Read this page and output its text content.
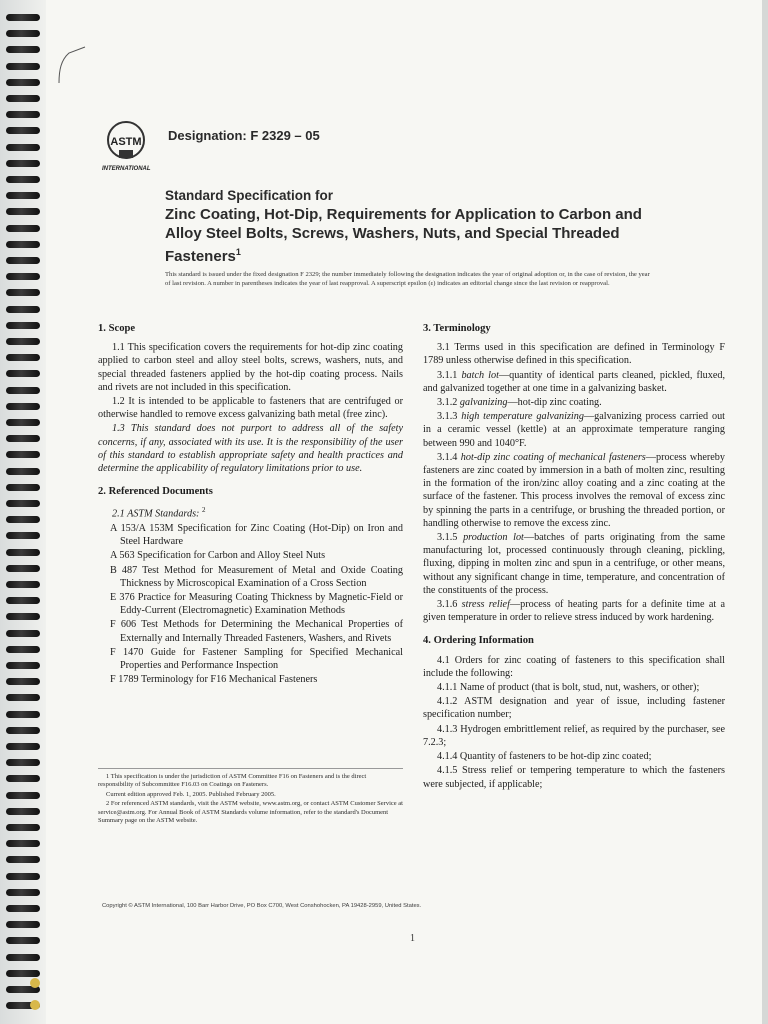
ASTM
INTERNATIONAL
Designation: F 2329 – 05
Standard Specification for
Zinc Coating, Hot-Dip, Requirements for Application to Carbon and Alloy Steel Bolts, Screws, Washers, Nuts, and Special Threaded Fasteners$^1$
This standard is issued under the fixed designation F 2329; the number immediately following the designation indicates the year of original adoption or, in the case of revision, the year of last revision. A number in parentheses indicates the year of last reapproval. A superscript epsilon (ε) indicates an editorial change since the last revision or reapproval.
1. Scope

1.1 This specification covers the requirements for hot-dip zinc coating applied to carbon steel and alloy steel bolts, screws, washers, nuts, and special threaded fasteners applied by the hot-dip coating process. Nails and rivets are not included in this specification.

1.2 It is intended to be applicable to fasteners that are centrifuged or otherwise handled to remove excess galvanizing bath metal (free zinc).

1.3 This standard does not purport to address all of the safety concerns, if any, associated with its use. It is the responsibility of the user of this standard to establish appropriate safety and health practices and determine the applicability of regulatory limitations prior to use.

2. Referenced Documents

2.1 ASTM Standards: $^2$

A 153/A 153M Specification for Zinc Coating (Hot-Dip) on Iron and Steel Hardware

A 563 Specification for Carbon and Alloy Steel Nuts

B 487 Test Method for Measurement of Metal and Oxide Coating Thickness by Microscopical Examination of a Cross Section

E 376 Practice for Measuring Coating Thickness by Magnetic-Field or Eddy-Current (Electromagnetic) Examination Methods

F 606 Test Methods for Determining the Mechanical Properties of Externally and Internally Threaded Fasteners, Washers, and Rivets

F 1470 Guide for Fastener Sampling for Specified Mechanical Properties and Performance Inspection

F 1789 Terminology for F16 Mechanical Fasteners

3. Terminology

3.1 Terms used in this specification are defined in Terminology F 1789 unless otherwise defined in this specification.

3.1.1 batch lot—quantity of identical parts cleaned, pickled, fluxed, and galvanized together at one time in a galvanizing basket.

3.1.2 galvanizing—hot-dip zinc coating.

3.1.3 high temperature galvanizing—galvanizing process carried out in a ceramic vessel (kettle) at an approximate temperature ranging between 990 and 1040°F.

3.1.4 hot-dip zinc coating of mechanical fasteners—process whereby fasteners are zinc coated by immersion in a bath of molten zinc, resulting in the formation of the iron/zinc alloy coating and a zinc coating at the surface of the fastener. This process involves the removal of excess zinc by spinning the parts in a centrifuge, or brushing the threaded portion, or handling otherwise to remove the excess zinc.

3.1.5 production lot—batches of parts originating from the same manufacturing lot, processed continuously through cleaning, pickling, fluxing, dipping in molten zinc and spun in a centrifuge, or other means, without any significant change in time, temperature, and concentration of the constituents of the process.

3.1.6 stress relief—process of heating parts for a definite time at a given temperature in order to relieve stress induced by work hardening.

4. Ordering Information

4.1 Orders for zinc coating of fasteners to this specification shall include the following:

4.1.1 Name of product (that is bolt, stud, nut, washers, or other);

4.1.2 ASTM designation and year of issue, including fastener specification number;

4.1.3 Hydrogen embrittlement relief, as required by the purchaser, see 7.2.3;

4.1.4 Quantity of fasteners to be hot-dip zinc coated;

4.1.5 Stress relief or tempering temperature to which the fasteners were subjected, if applicable;

1 This specification is under the jurisdiction of ASTM Committee F16 on Fasteners and is the direct responsibility of Subcommittee F16.03 on Coatings on Fasteners.

Current edition approved Feb. 1, 2005. Published February 2005.

2 For referenced ASTM standards, visit the ASTM website, www.astm.org, or contact ASTM Customer Service at service@astm.org. For Annual Book of ASTM Standards volume information, refer to the standard's Document Summary page on the ASTM website.

Copyright © ASTM International, 100 Barr Harbor Drive, PO Box C700, West Conshohocken, PA 19428-2959, United States.
1
